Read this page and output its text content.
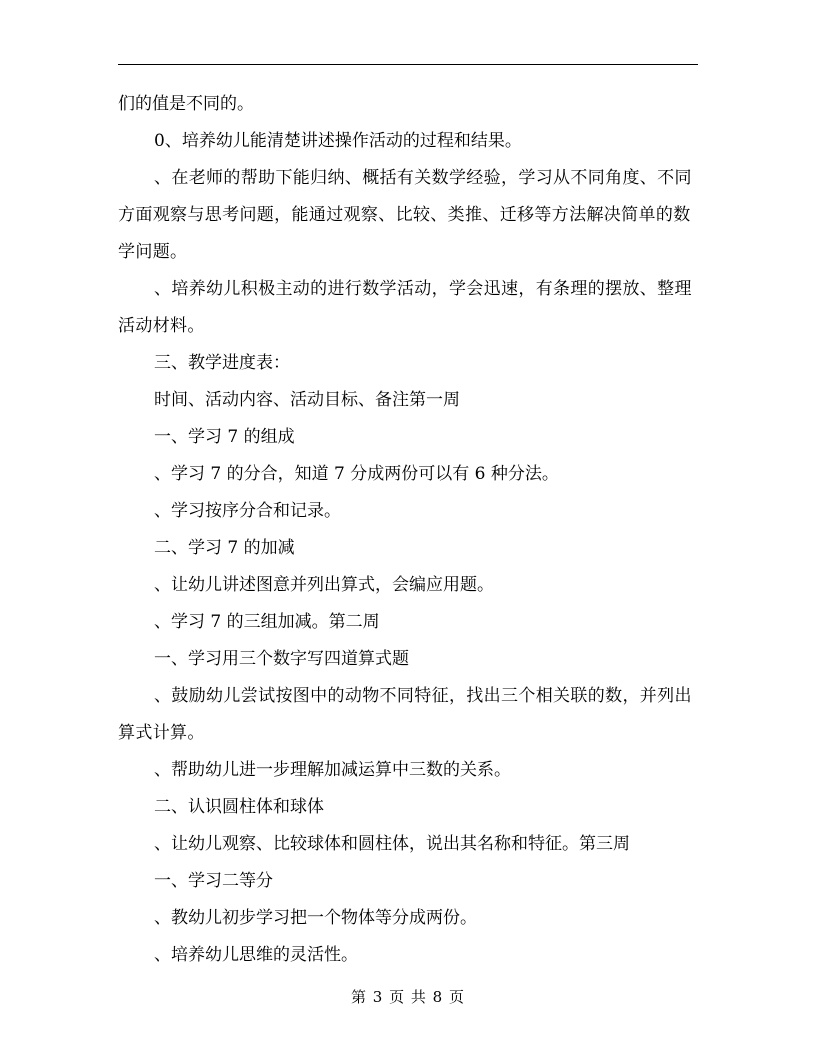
们的值是不同的。

0、培养幼儿能清楚讲述操作活动的过程和结果。

、在老师的帮助下能归纳、概括有关数学经验，学习从不同角度、不同方面观察与思考问题，能通过观察、比较、类推、迁移等方法解决简单的数学问题。

、培养幼儿积极主动的进行数学活动，学会迅速，有条理的摆放、整理活动材料。

三、教学进度表：

时间、活动内容、活动目标、备注第一周

一、学习 7 的组成

、学习 7 的分合，知道 7 分成两份可以有 6 种分法。

、学习按序分合和记录。

二、学习 7 的加减

、让幼儿讲述图意并列出算式，会编应用题。

、学习 7 的三组加减。第二周

一、学习用三个数字写四道算式题

、鼓励幼儿尝试按图中的动物不同特征，找出三个相关联的数，并列出算式计算。

、帮助幼儿进一步理解加减运算中三数的关系。

二、认识圆柱体和球体

、让幼儿观察、比较球体和圆柱体，说出其名称和特征。第三周

一、学习二等分

、教幼儿初步学习把一个物体等分成两份。

、培养幼儿思维的灵活性。

第 3 页 共 8 页
